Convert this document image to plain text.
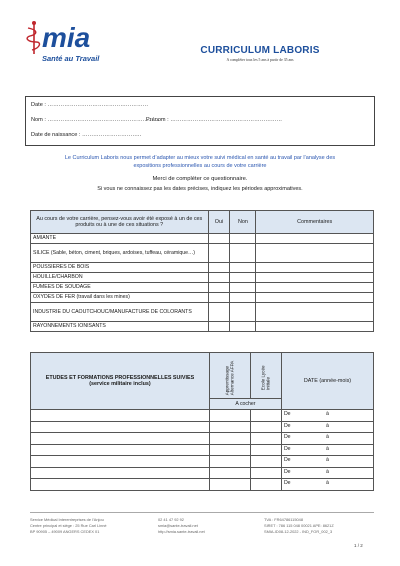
mia
Santé au Travail
CURRICULUM LABORIS
A compléter tous les 5 ans à partir de 35 ans
Date : ………………………………………………
Nom : ……………………………………………………
Prénom : ……………………………………………………
Date de naissance : …………………………..
Le Curriculum Laboris nous permet d’adapter au mieux votre suivi médical en santé au travail par l’analyse des
expositions professionnelles au cours de votre carrière
Merci de compléter ce questionnaire.
Si vous ne connaissez pas les dates précises, indiquez les périodes approximatives.
Au cours de votre carrière, pensez-vous avoir été exposé à un de ces produits ou à une de ces situations ?	Oui	Non	Commentaires
AMIANTE			
SILICE (Sable, béton, ciment, briques, ardoises, tuffeau, céramique…)			
POUSSIERES DE BOIS			
HOUILLE/CHARBON			
FUMEES DE SOUDAGE			
OXYDES DE FER (travail dans les mines)			
INDUSTRIE DU CAOUTCHOUC/MANUFACTURE DE COLORANTS			
RAYONNEMENTS IONISANTS			
ETUDES ET FORMATIONS PROFESSIONNELLES SUIVIES
(service militaire inclus)	Apprentissage Alternance AFPA	Ecole Lycée Initiale	DATE (année-mois)
	A cocher		

			De à

			De à

			De à

			De à

			De à

			De à

			De à
Service Médical Interentreprises de l’Anjou
Centre principal et siège : 25 Rue Carl Linné
BP 90905 – 49009 ANGERS CEDEX 01
02 41 47 92 92
smia@sante-travail.net
http://smia.sante-travail.net
TVA : FR64786115048
SIRET : 786 115 048 00021 APE: 8621Z
SMIA-ID08-12-2022 - IND_FOR_002_3
1 / 2
